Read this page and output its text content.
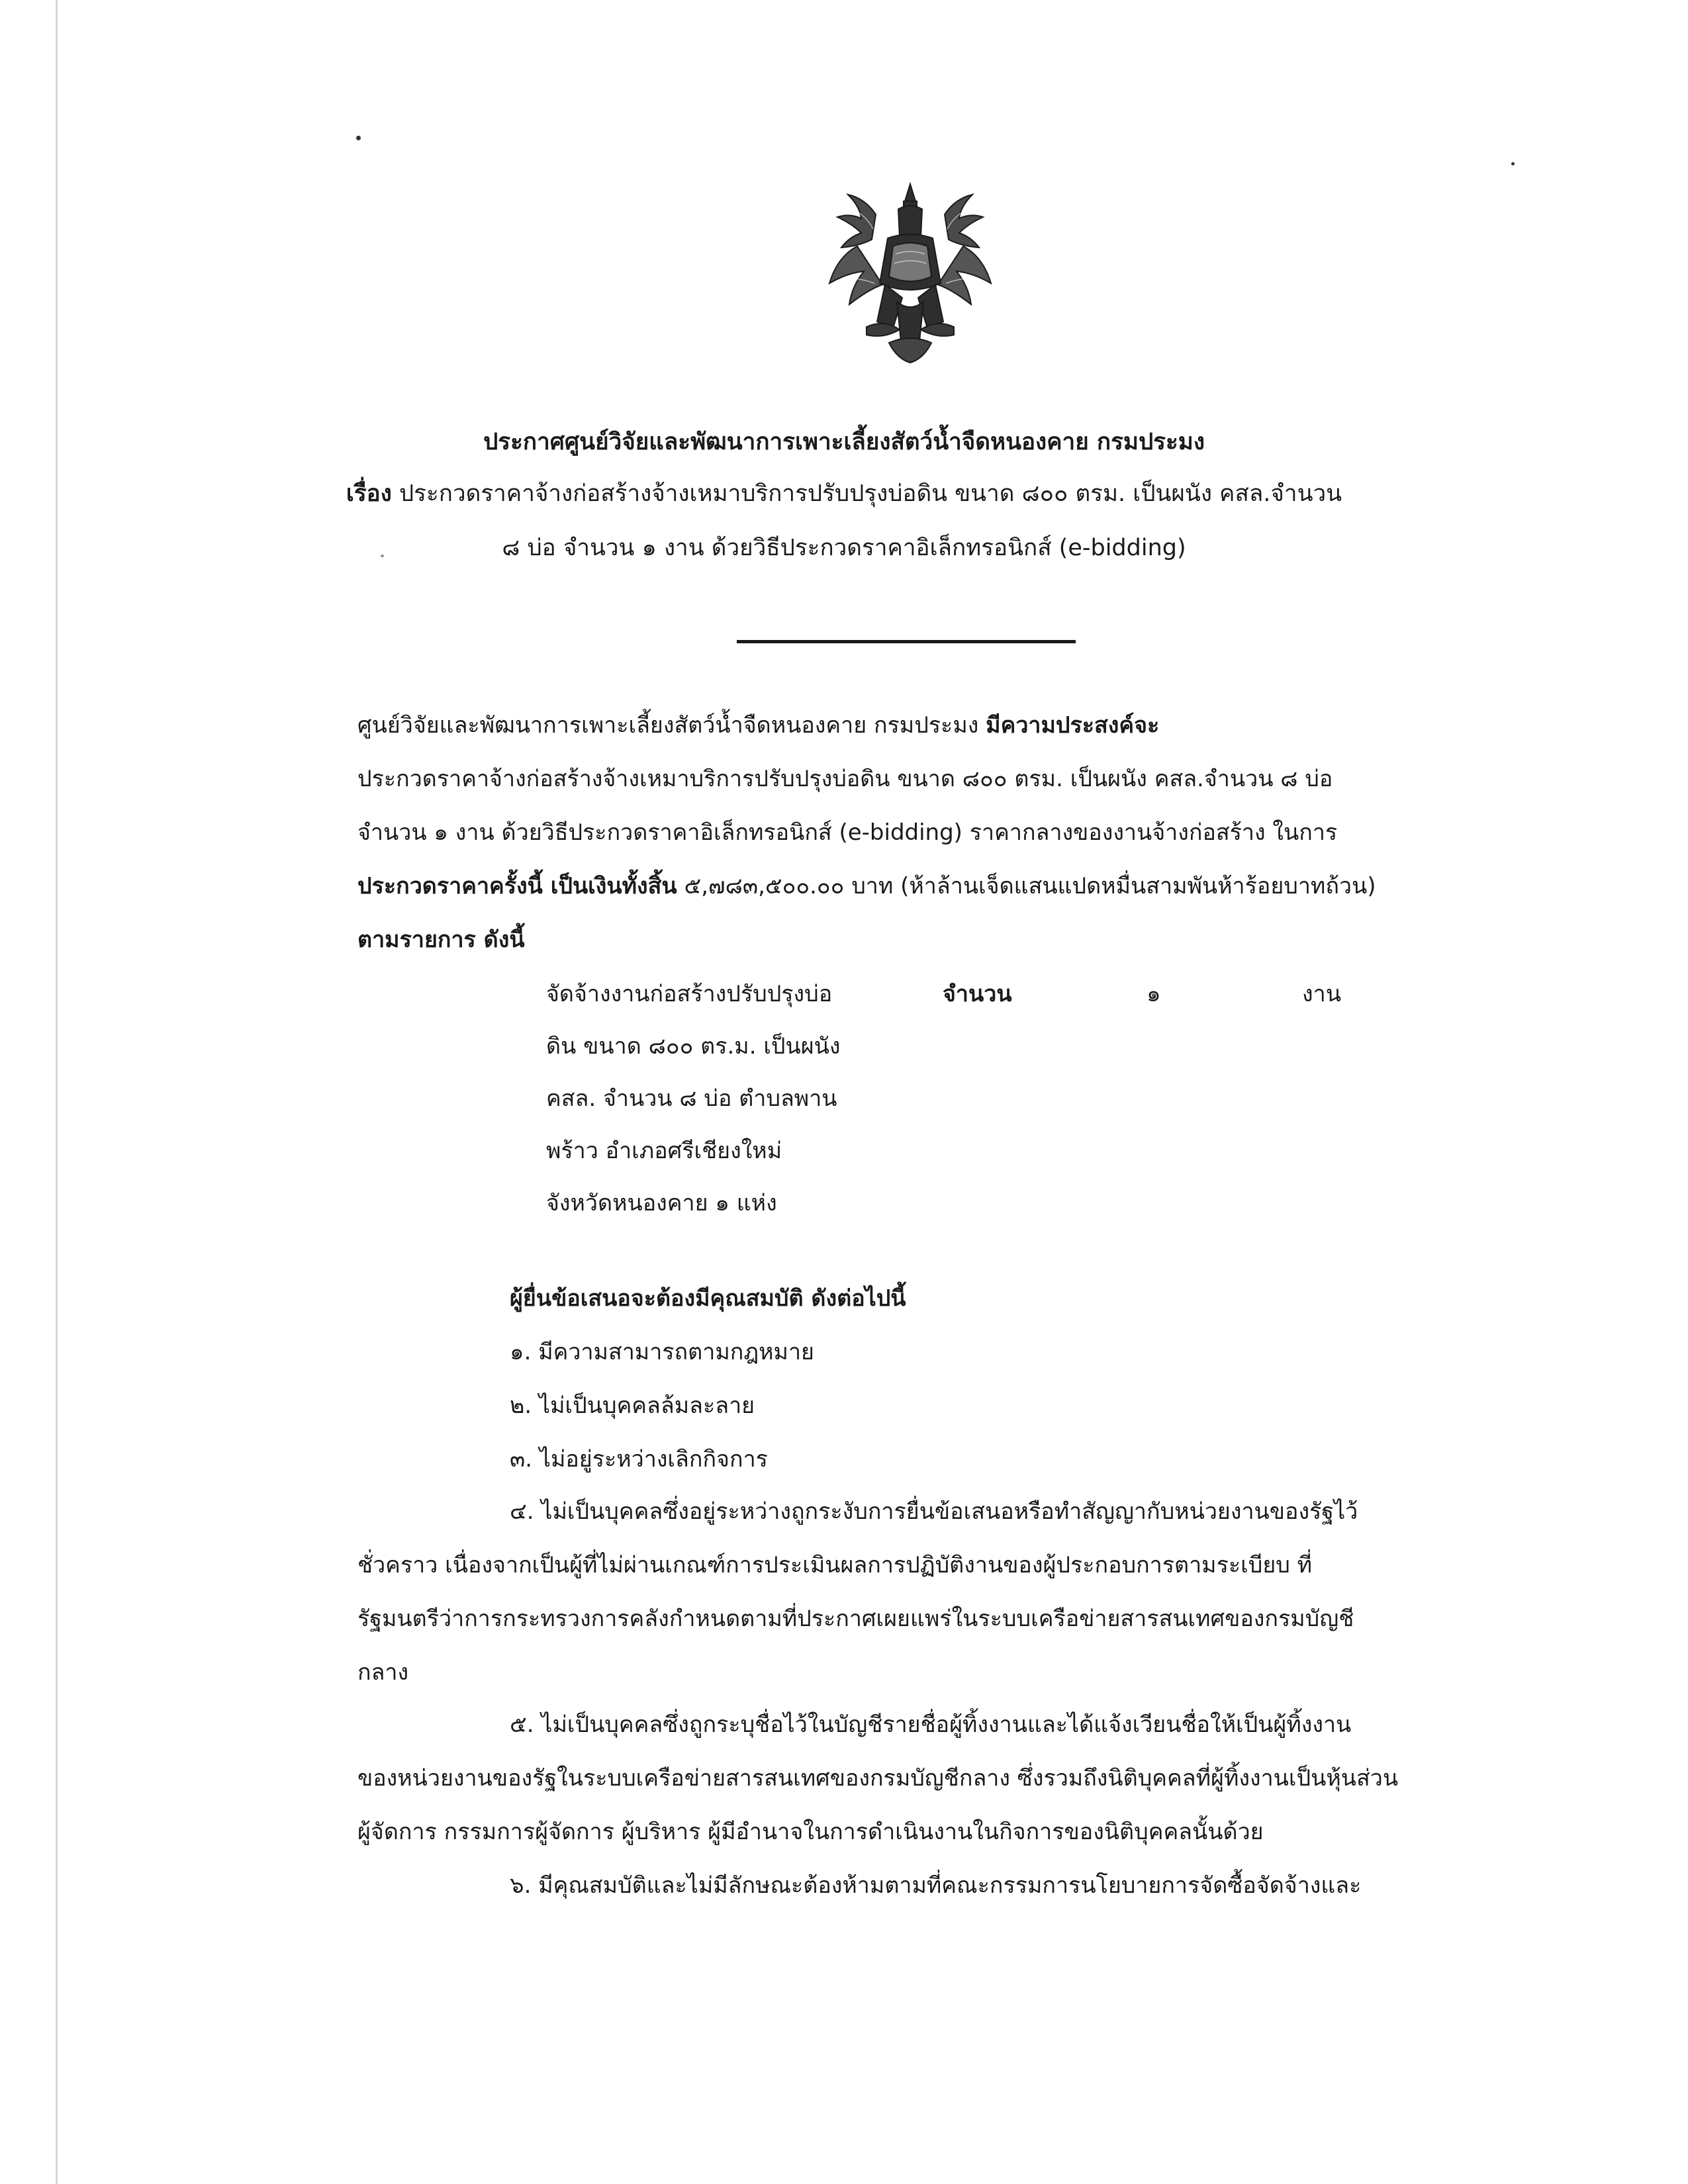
ประกาศศูนย์วิจัยและพัฒนาการเพาะเลี้ยงสัตว์น้ำจืดหนองคาย กรมประมง
เรื่อง ประกวดราคาจ้างก่อสร้างจ้างเหมาบริการปรับปรุงบ่อดิน ขนาด ๘๐๐ ตรม. เป็นผนัง คสล.จำนวน
๘ บ่อ จำนวน ๑ งาน ด้วยวิธีประกวดราคาอิเล็กทรอนิกส์ (e-bidding)
ศูนย์วิจัยและพัฒนาการเพาะเลี้ยงสัตว์น้ำจืดหนองคาย กรมประมง มีความประสงค์จะ
ประกวดราคาจ้างก่อสร้างจ้างเหมาบริการปรับปรุงบ่อดิน ขนาด ๘๐๐ ตรม. เป็นผนัง คสล.จำนวน ๘ บ่อ
จำนวน ๑ งาน ด้วยวิธีประกวดราคาอิเล็กทรอนิกส์ (e-bidding) ราคากลางของงานจ้างก่อสร้าง ในการ
ประกวดราคาครั้งนี้ เป็นเงินทั้งสิ้น ๕,๗๘๓,๕๐๐.๐๐ บาท (ห้าล้านเจ็ดแสนแปดหมื่นสามพันห้าร้อยบาทถ้วน)
ตามรายการ ดังนี้
จัดจ้างงานก่อสร้างปรับปรุงบ่อ	จำนวน	๑	งาน
ดิน ขนาด ๘๐๐ ตร.ม. เป็นผนัง
คสล. จำนวน ๘ บ่อ ตำบลพาน
พร้าว อำเภอศรีเชียงใหม่
จังหวัดหนองคาย ๑ แห่ง
ผู้ยื่นข้อเสนอจะต้องมีคุณสมบัติ ดังต่อไปนี้
๑. มีความสามารถตามกฎหมาย
๒. ไม่เป็นบุคคลล้มละลาย
๓. ไม่อยู่ระหว่างเลิกกิจการ
๔. ไม่เป็นบุคคลซึ่งอยู่ระหว่างถูกระงับการยื่นข้อเสนอหรือทำสัญญากับหน่วยงานของรัฐไว้
ชั่วคราว เนื่องจากเป็นผู้ที่ไม่ผ่านเกณฑ์การประเมินผลการปฏิบัติงานของผู้ประกอบการตามระเบียบ ที่
รัฐมนตรีว่าการกระทรวงการคลังกำหนดตามที่ประกาศเผยแพร่ในระบบเครือข่ายสารสนเทศของกรมบัญชี
กลาง
๕. ไม่เป็นบุคคลซึ่งถูกระบุชื่อไว้ในบัญชีรายชื่อผู้ทิ้งงานและได้แจ้งเวียนชื่อให้เป็นผู้ทิ้งงาน
ของหน่วยงานของรัฐในระบบเครือข่ายสารสนเทศของกรมบัญชีกลาง ซึ่งรวมถึงนิติบุคคลที่ผู้ทิ้งงานเป็นหุ้นส่วน
ผู้จัดการ กรรมการผู้จัดการ ผู้บริหาร ผู้มีอำนาจในการดำเนินงานในกิจการของนิติบุคคลนั้นด้วย
๖. มีคุณสมบัติและไม่มีลักษณะต้องห้ามตามที่คณะกรรมการนโยบายการจัดซื้อจัดจ้างและ
